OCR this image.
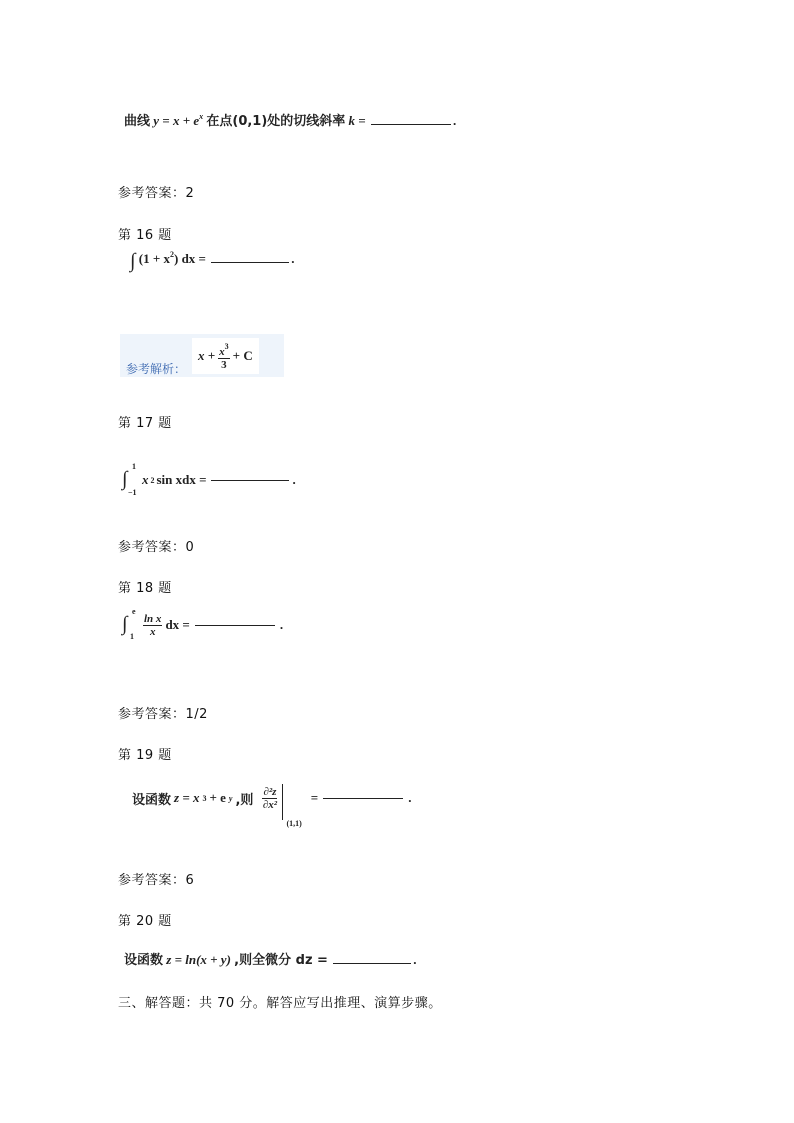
曲线 $y = x + e^x$ 在点(0,1)处的切线斜率 k =	.
参考答案：2
第 16 题
∫ $(1 + x^2)$ dx =	.
参考解析：
$x + \frac{x^3}{3} + C$
第 17 题
∫
1
−1
x 2 sin xdx =	.
参考答案：0
第 18 题
∫
e
$1 \frac{\text{ln x}}{x}$ dx =	.
参考答案：1/2
第 19 题
设函数 z = x 3 + e y ,则 $\frac{\text{∂²z}}{\text{∂x²}}$
(1,1)
=	.
参考答案：6
第 20 题
设函数 z = ln(x + y) ,则全微分 dz =	.
三、解答题：共 70 分。解答应写出推理、演算步骤。
